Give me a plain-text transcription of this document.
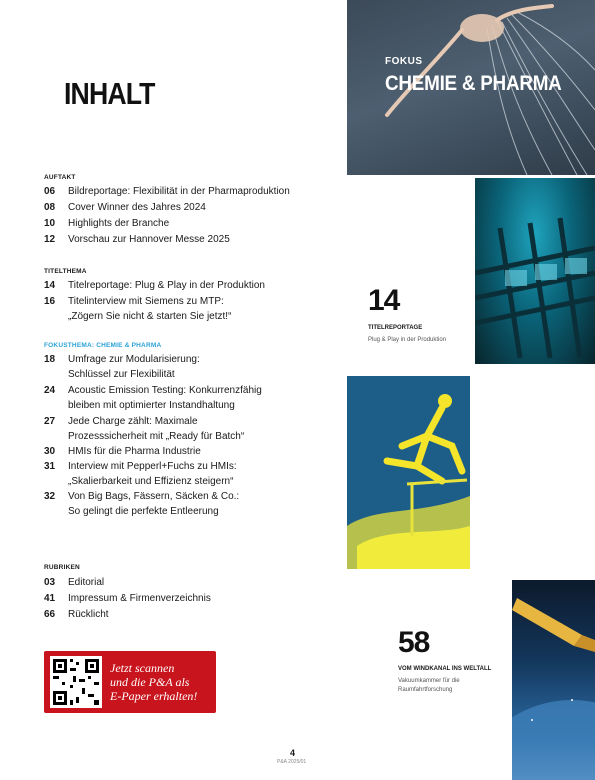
INHALT
AUFTAKT
06	Bildreportage: Flexibilität in der Pharmaproduktion
08	Cover Winner des Jahres 2024
10	Highlights der Branche
12	Vorschau zur Hannover Messe 2025
TITELTHEMA
14	Titelreportage: Plug & Play in der Produktion
16	Titelinterview mit Siemens zu MTP:
„Zögern Sie nicht & starten Sie jetzt!“
FOKUSTHEMA: CHEMIE & PHARMA
18	Umfrage zur Modularisierung:
Schlüssel zur Flexibilität
24	Acoustic Emission Testing: Konkurrenzfähig
bleiben mit optimierter Instandhaltung
27	Jede Charge zählt: Maximale
Prozesssicherheit mit „Ready für Batch“
30	HMIs für die Pharma Industrie
31	Interview mit Pepperl+Fuchs zu HMIs:
„Skalierbarkeit und Effizienz steigern“
32	Von Big Bags, Fässern, Säcken & Co.:
So gelingt die perfekte Entleerung
RUBRIKEN
03	Editorial
41	Impressum & Firmenverzeichnis
66	Rücklicht
FOKUS
CHEMIE & PHARMA
14
TITELREPORTAGE
Plug & Play in der Produktion
58
VOM WINDKANAL INS WELTALL
Vakuumkammer für die
Raumfahrtforschung
Jetzt scannen
und die P&A als
E-Paper erhalten!
4
P&A 2025/01
